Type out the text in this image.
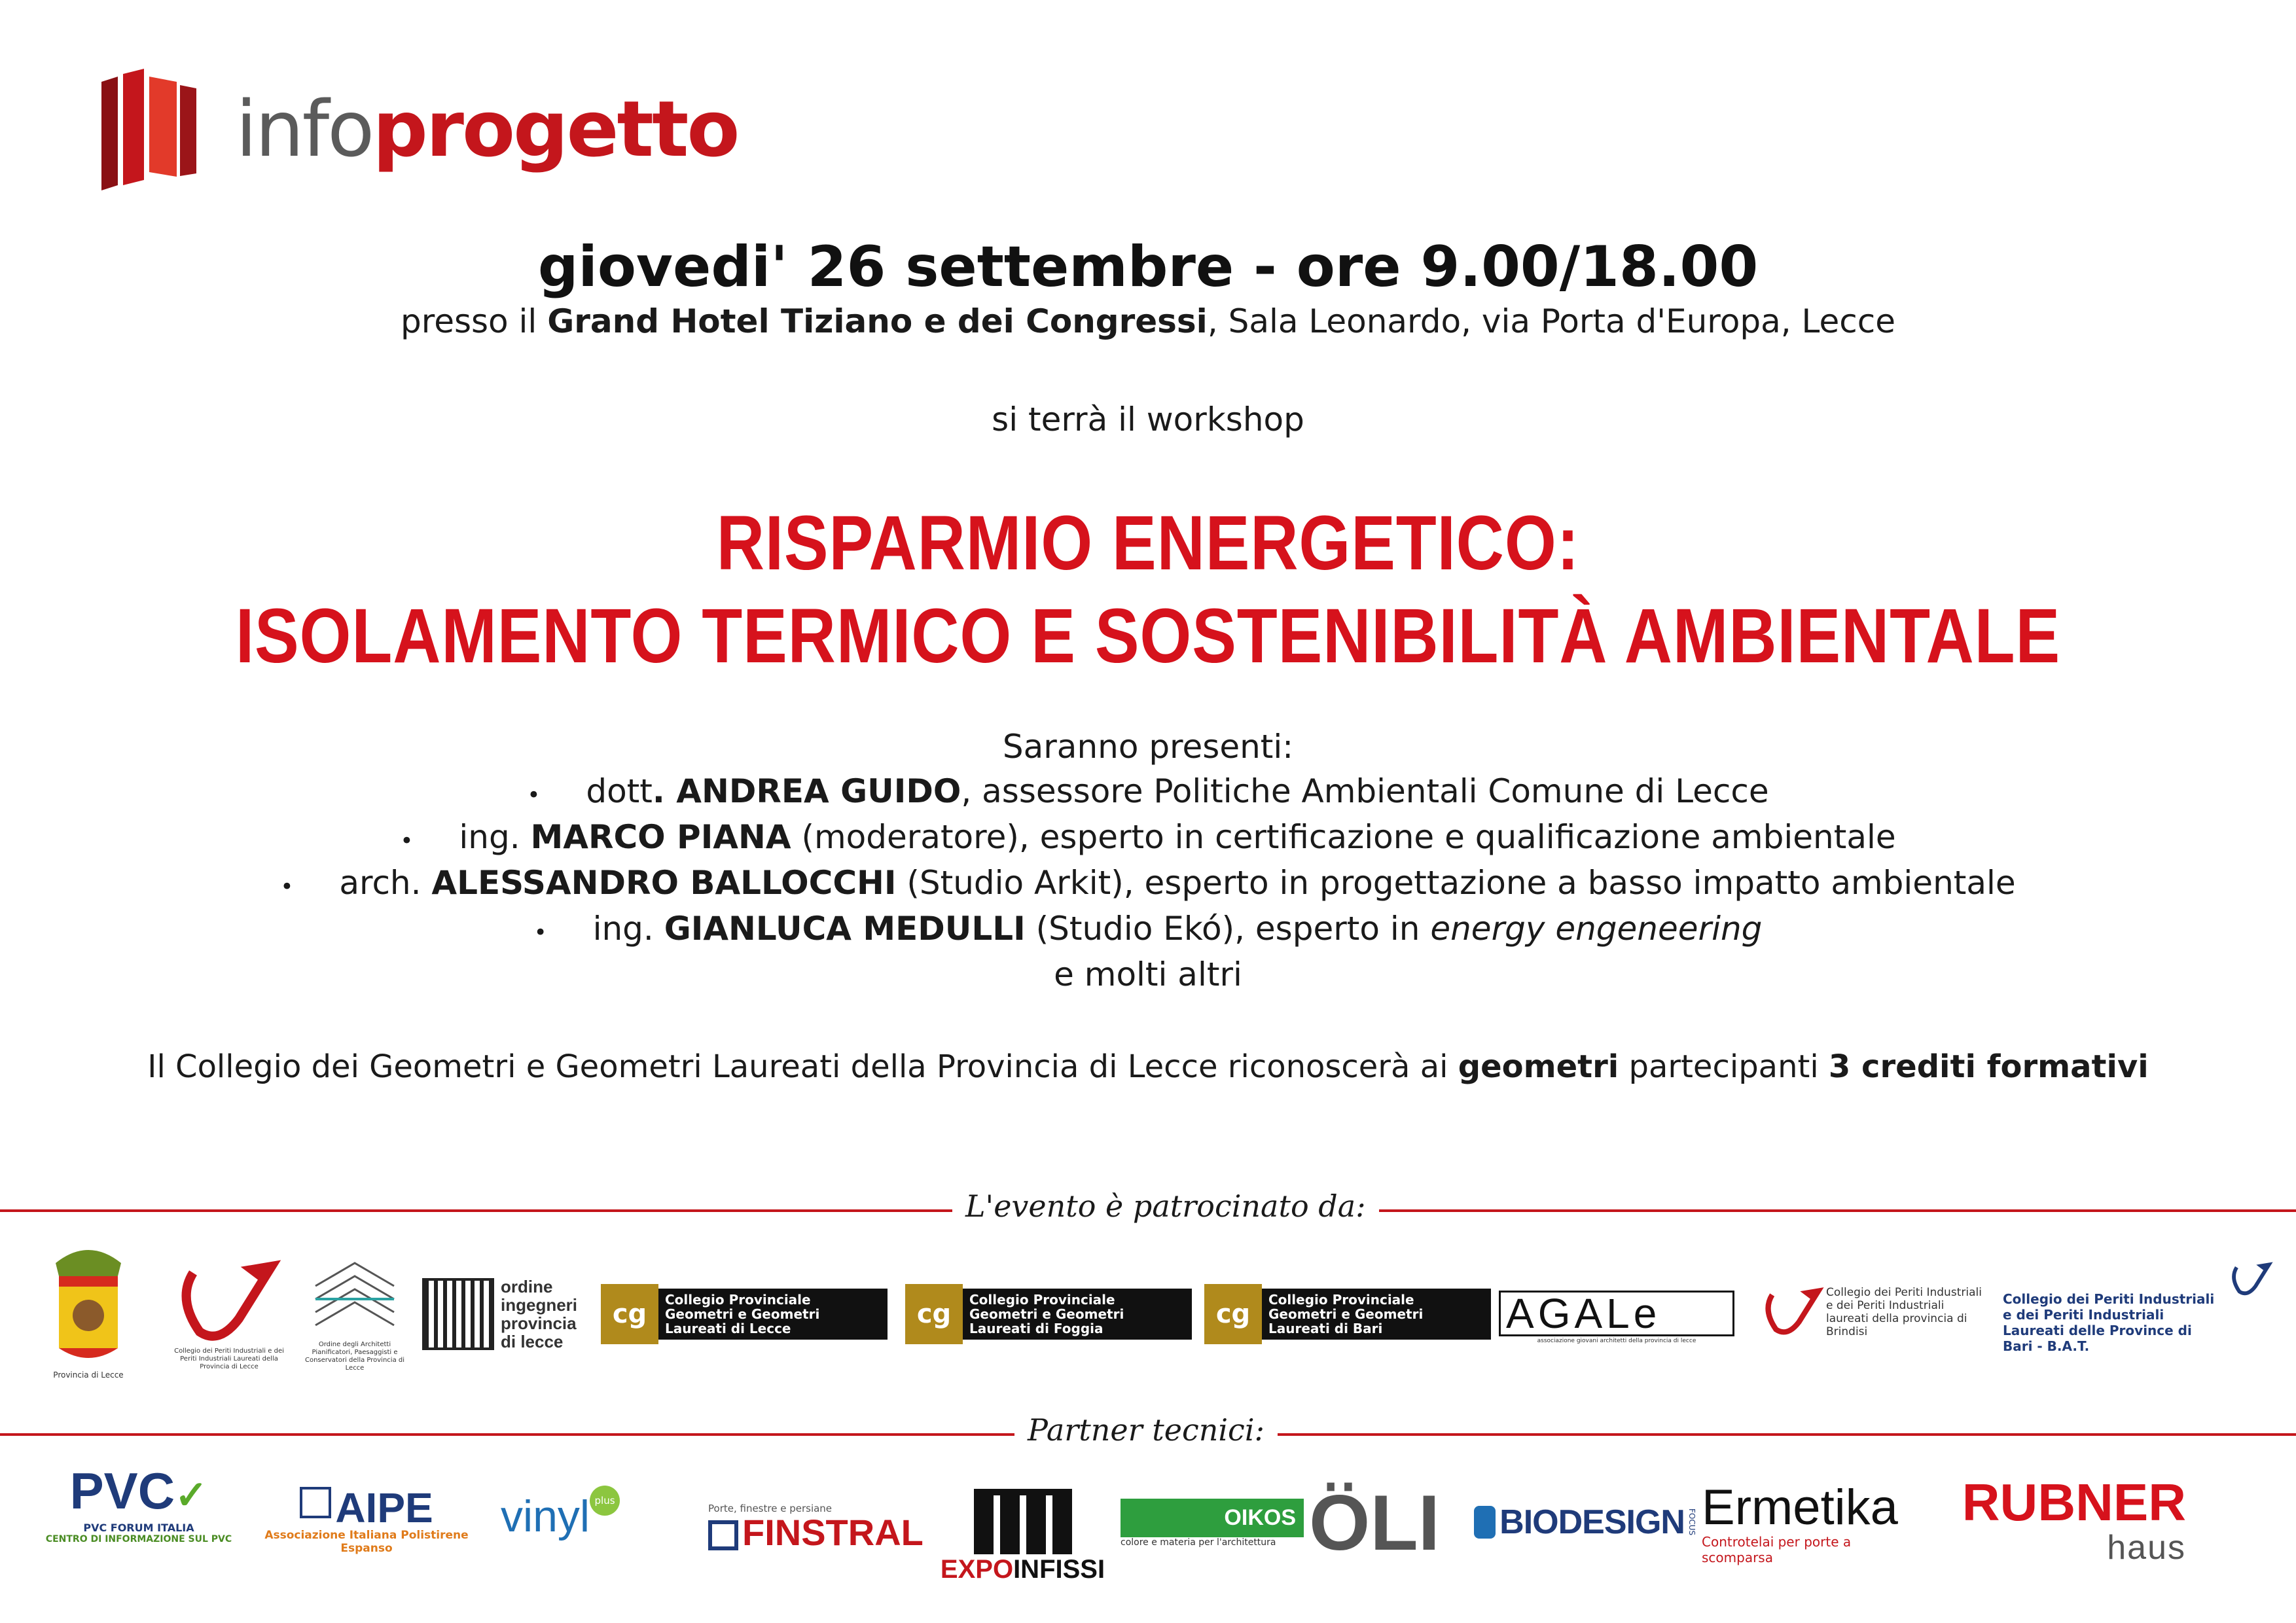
infoprogetto
giovedi' 26 settembre - ore 9.00/18.00
presso il Grand Hotel Tiziano e dei Congressi, Sala Leonardo, via Porta d'Europa, Lecce
si terrà il workshop
RISPARMIO ENERGETICO:
ISOLAMENTO TERMICO E SOSTENIBILITÀ AMBIENTALE
Saranno presenti:
• dott. ANDREA GUIDO, assessore Politiche Ambientali Comune di Lecce
• ing. MARCO PIANA (moderatore), esperto in certificazione e qualificazione ambientale
• arch. ALESSANDRO BALLOCCHI (Studio Arkit), esperto in progettazione a basso impatto ambientale
• ing. GIANLUCA MEDULLI (Studio Ekó), esperto in energy engeneering
e molti altri
Il Collegio dei Geometri e Geometri Laureati della Provincia di Lecce riconoscerà ai geometri partecipanti 3 crediti formativi
L'evento è patrocinato da:
Provincia di Lecce
Collegio dei Periti Industriali e dei Periti Industriali Laureati della Provincia di Lecce
Ordine degli Architetti Pianificatori, Paesaggisti e Conservatori della Provincia di Lecce
ordine ingegneri provincia di lecce
cg	Collegio Provinciale Geometri e Geometri Laureati di Lecce	cg	Collegio Provinciale Geometri e Geometri Laureati di Foggia	cg	Collegio Provinciale Geometri e Geometri Laureati di Bari	AGALe
associazione giovani architetti della provincia di lecce
Collegio dei Periti Industriali e dei Periti Industriali laureati della provincia di Brindisi
Collegio dei Periti Industriali e dei Periti Industriali Laureati delle Province di Bari - B.A.T.
Partner tecnici:
PVC✓
PVC FORUM ITALIA
CENTRO DI INFORMAZIONE SUL PVC
AIPE
Associazione Italiana Polistirene Espanso
vinyl plus
Porte, finestre e persiane
FINSTRAL
EXPOINFISSI
OIKOS
colore e materia per l'architettura ÖLI	BIODESIGN FOCUS Ermetika
Controtelai per porte a scomparsa
RUBNER
haus
